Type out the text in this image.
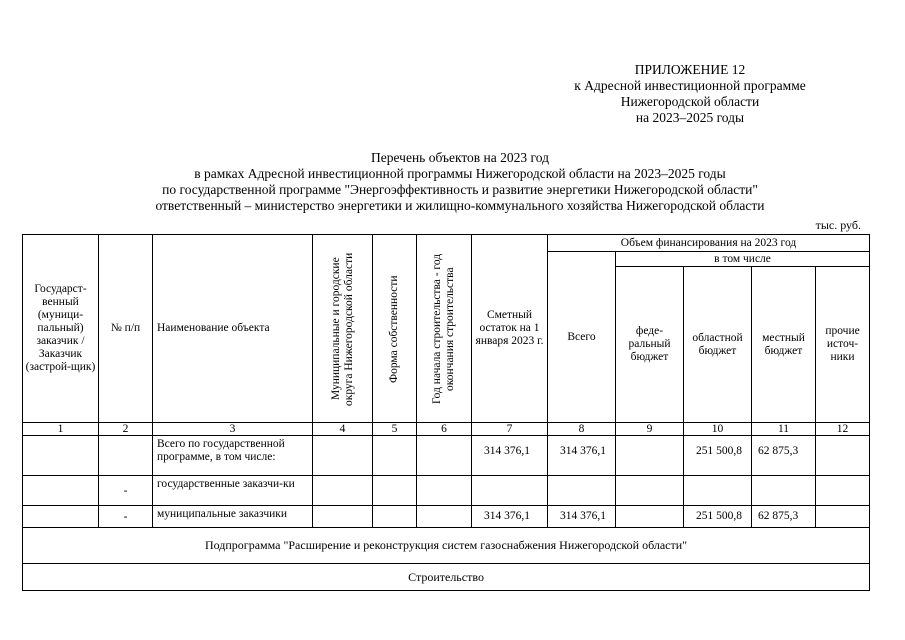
ПРИЛОЖЕНИЕ 12
к Адресной инвестиционной программе
Нижегородской области
на 2023–2025 годы
Перечень объектов на 2023 год
в рамках Адресной инвестиционной программы Нижегородской области на 2023–2025 годы
по государственной программе "Энергоэффективность и развитие энергетики Нижегородской области"
ответственный – министерство энергетики и жилищно-коммунального хозяйства Нижегородской области
тыс. руб.
Государст-венный (муници-пальный) заказчик / Заказчик (застрой-щик)	№ п/п	Наименование объекта	Муниципальные и городские округа Нижегородской области	Форма собственности	Год начала строительства - год окончания строительства	Сметный остаток на 1 января 2023 г.	Объем финансирования на 2023 год				
							Всего	в том числе			
								феде-ральный бюджет	областной бюджет	местный бюджет	прочие источ-ники
1	2	3	4	5	6	7	8	9	10	11	12
		Всего по государственной программе, в том числе:				314 376,1	314 376,1		251 500,8	62 875,3	
	-	государственные заказчи-ки									
	-	муниципальные заказчики				314 376,1	314 376,1		251 500,8	62 875,3	
Подпрограмма "Расширение и реконструкция систем газоснабжения Нижегородской области"											
Строительство											
